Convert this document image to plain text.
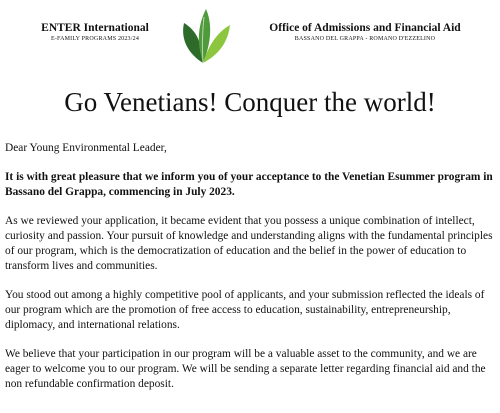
ENTER International
E-FAMILY PROGRAMS 2023/24
Office of Admissions and Financial Aid
BASSANO DEL GRAPPA - ROMANO D'EZZELINO
Go Venetians! Conquer the world!

Dear Young Environmental Leader,

It is with great pleasure that we inform you of your acceptance to the Venetian Esummer program in Bassano del Grappa, commencing in July 2023.

As we reviewed your application, it became evident that you possess a unique combination of intellect, curiosity and passion. Your pursuit of knowledge and understanding aligns with the fundamental principles of our program, which is the democratization of education and the belief in the power of education to transform lives and communities.

You stood out among a highly competitive pool of applicants, and your submission reflected the ideals of our program which are the promotion of free access to education, sustainability, entrepreneurship, diplomacy, and international relations.

We believe that your participation in our program will be a valuable asset to the community, and we are eager to welcome you to our program. We will be sending a separate letter regarding financial aid and the non refundable confirmation deposit.
